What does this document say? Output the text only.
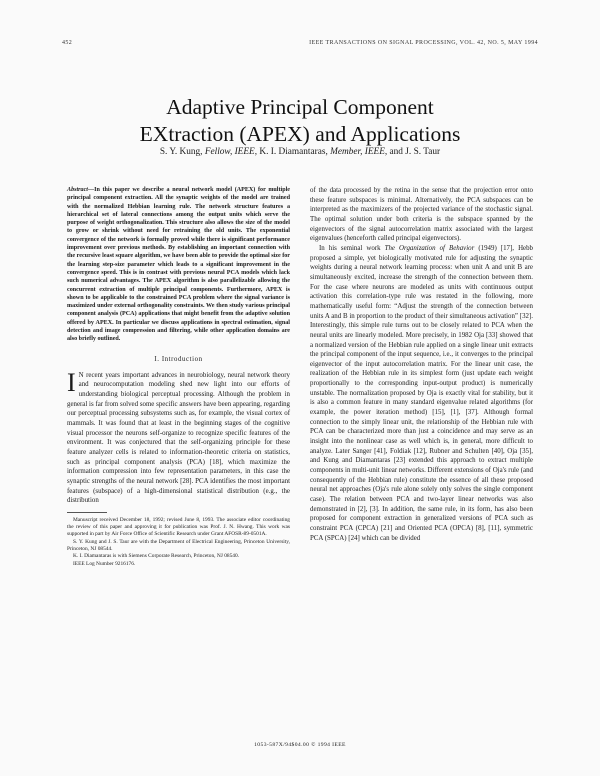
452	IEEE TRANSACTIONS ON SIGNAL PROCESSING, VOL. 42, NO. 5, MAY 1994
Adaptive Principal Component
EXtraction (APEX) and Applications
S. Y. Kung, Fellow, IEEE, K. I. Diamantaras, Member, IEEE, and J. S. Taur

Abstract—In this paper we describe a neural network model (APEX) for multiple principal component extraction. All the synaptic weights of the model are trained with the normalized Hebbian learning rule. The network structure features a hierarchical set of lateral connections among the output units which serve the purpose of weight orthogonalization. This structure also allows the size of the model to grow or shrink without need for retraining the old units. The exponential convergence of the network is formally proved while there is significant performance improvement over previous methods. By establishing an important connection with the recursive least square algorithm, we have been able to provide the optimal size for the learning step-size parameter which leads to a significant improvement in the convergence speed. This is in contrast with previous neural PCA models which lack such numerical advantages. The APEX algorithm is also parallelizable allowing the concurrent extraction of multiple principal components. Furthermore, APEX is shown to be applicable to the constrained PCA problem where the signal variance is maximized under external orthogonality constraints. We then study various principal component analysis (PCA) applications that might benefit from the adaptive solution offered by APEX. In particular we discuss applications in spectral estimation, signal detection and image compression and filtering, while other application domains are also briefly outlined.

I. Introduction

I N recent years important advances in neurobiology, neural network theory and neurocomputation modeling shed new light into our efforts of understanding biological perceptual processing. Although the problem in general is far from solved some specific answers have been appearing, regarding our perceptual processing subsystems such as, for example, the visual cortex of mammals. It was found that at least in the beginning stages of the cognitive visual processor the neurons self-organize to recognize specific features of the environment. It was conjectured that the self-organizing principle for these feature analyzer cells is related to information-theoretic criteria on statistics, such as principal component analysis (PCA) [18], which maximize the information compression into few representation parameters, in this case the synaptic strengths of the neural network [28]. PCA identifies the most important features (subspace) of a high-dimensional statistical distribution (e.g., the distribution

Manuscript received December 18, 1992; revised June 8, 1993. The associate editor coordinating the review of this paper and approving it for publication was Prof. J. N. Hwang. This work was supported in part by Air Force Office of Scientific Research under Grant AFOSR-89-0501A.

S. Y. Kung and J. S. Taur are with the Department of Electrical Engineering, Princeton University, Princeton, NJ 08544.

K. I. Diamantaras is with Siemens Corporate Research, Princeton, NJ 08540.

IEEE Log Number 9216176.

of the data processed by the retina in the sense that the projection error onto these feature subspaces is minimal. Alternatively, the PCA subspaces can be interpreted as the maximizers of the projected variance of the stochastic signal. The optimal solution under both criteria is the subspace spanned by the eigenvectors of the signal autocorrelation matrix associated with the largest eigenvalues (henceforth called principal eigenvectors).

In his seminal work The Organization of Behavior (1949) [17], Hebb proposed a simple, yet biologically motivated rule for adjusting the synaptic weights during a neural network learning process: when unit A and unit B are simultaneously excited, increase the strength of the connection between them. For the case where neurons are modeled as units with continuous output activation this correlation-type rule was restated in the following, more mathematically useful form: “Adjust the strength of the connection between units A and B in proportion to the product of their simultaneous activation” [32]. Interestingly, this simple rule turns out to be closely related to PCA when the neural units are linearly modeled. More precisely, in 1982 Oja [33] showed that a normalized version of the Hebbian rule applied on a single linear unit extracts the principal component of the input sequence, i.e., it converges to the principal eigenvector of the input autocorrelation matrix. For the linear unit case, the realization of the Hebbian rule in its simplest form (just update each weight proportionally to the corresponding input-output product) is numerically unstable. The normalization proposed by Oja is exactly vital for stability, but it is also a common feature in many standard eigenvalue related algorithms (for example, the power iteration method) [15], [1], [37]. Although formal connection to the simply linear unit, the relationship of the Hebbian rule with PCA can be characterized more than just a coincidence and may serve as an insight into the nonlinear case as well which is, in general, more difficult to analyze. Later Sanger [41], Foldiak [12], Rubner and Schulten [40], Oja [35], and Kung and Diamantaras [23] extended this approach to extract multiple components in multi-unit linear networks. Different extensions of Oja's rule (and consequently of the Hebbian rule) constitute the essence of all these proposed neural net approaches (Oja's rule alone solely only solves the single component case). The relation between PCA and two-layer linear networks was also demonstrated in [2], [3]. In addition, the same rule, in its form, has also been proposed for component extraction in generalized versions of PCA such as constraint PCA (CPCA) [21] and Oriented PCA (OPCA) [8], [11], symmetric PCA (SPCA) [24] which can be divided

1053-587X/94$04.00 © 1994 IEEE
